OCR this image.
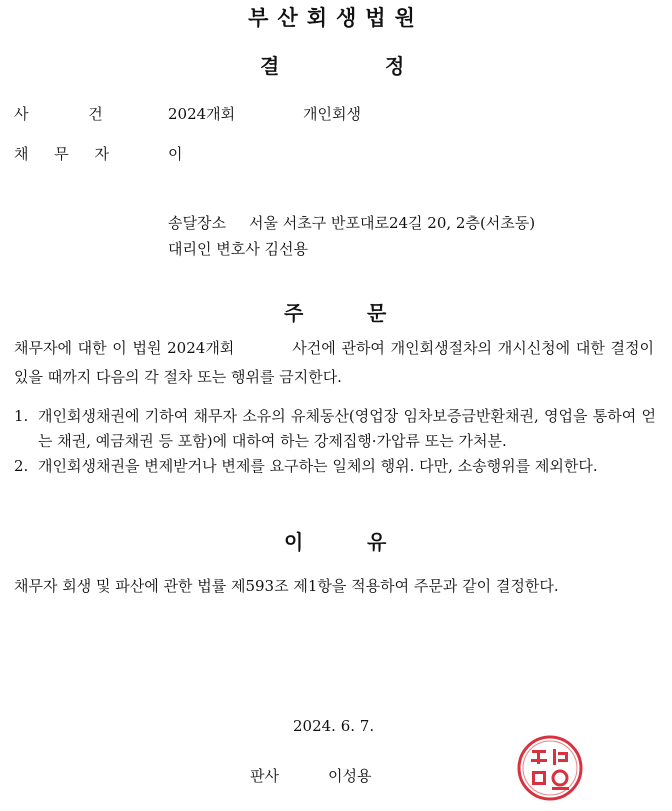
부산회생법원
결	정
사 건	2024개회	개인회생
채 무 자	이
송달장소 서울 서초구 반포대로24길 20, 2층(서초동)
대리인 변호사 김선용
주	문
채무자에 대한 이 법원 2024개회	사건에 관하여 개인회생절차의 개시신청에 대한 결정이 있을 때까지 다음의 각 절차 또는 행위를 금지한다.
1. 개인회생채권에 기하여 채무자 소유의 유체동산(영업장 임차보증금반환채권, 영업을 통하여 얻는 채권, 예금채권 등 포함)에 대하여 하는 강제집행·가압류 또는 가처분.
2. 개인회생채권을 변제받거나 변제를 요구하는 일체의 행위. 다만, 소송행위를 제외한다.
이	유
채무자 회생 및 파산에 관한 법률 제593조 제1항을 적용하여 주문과 같이 결정한다.
2024. 6. 7.
판사	이성용
